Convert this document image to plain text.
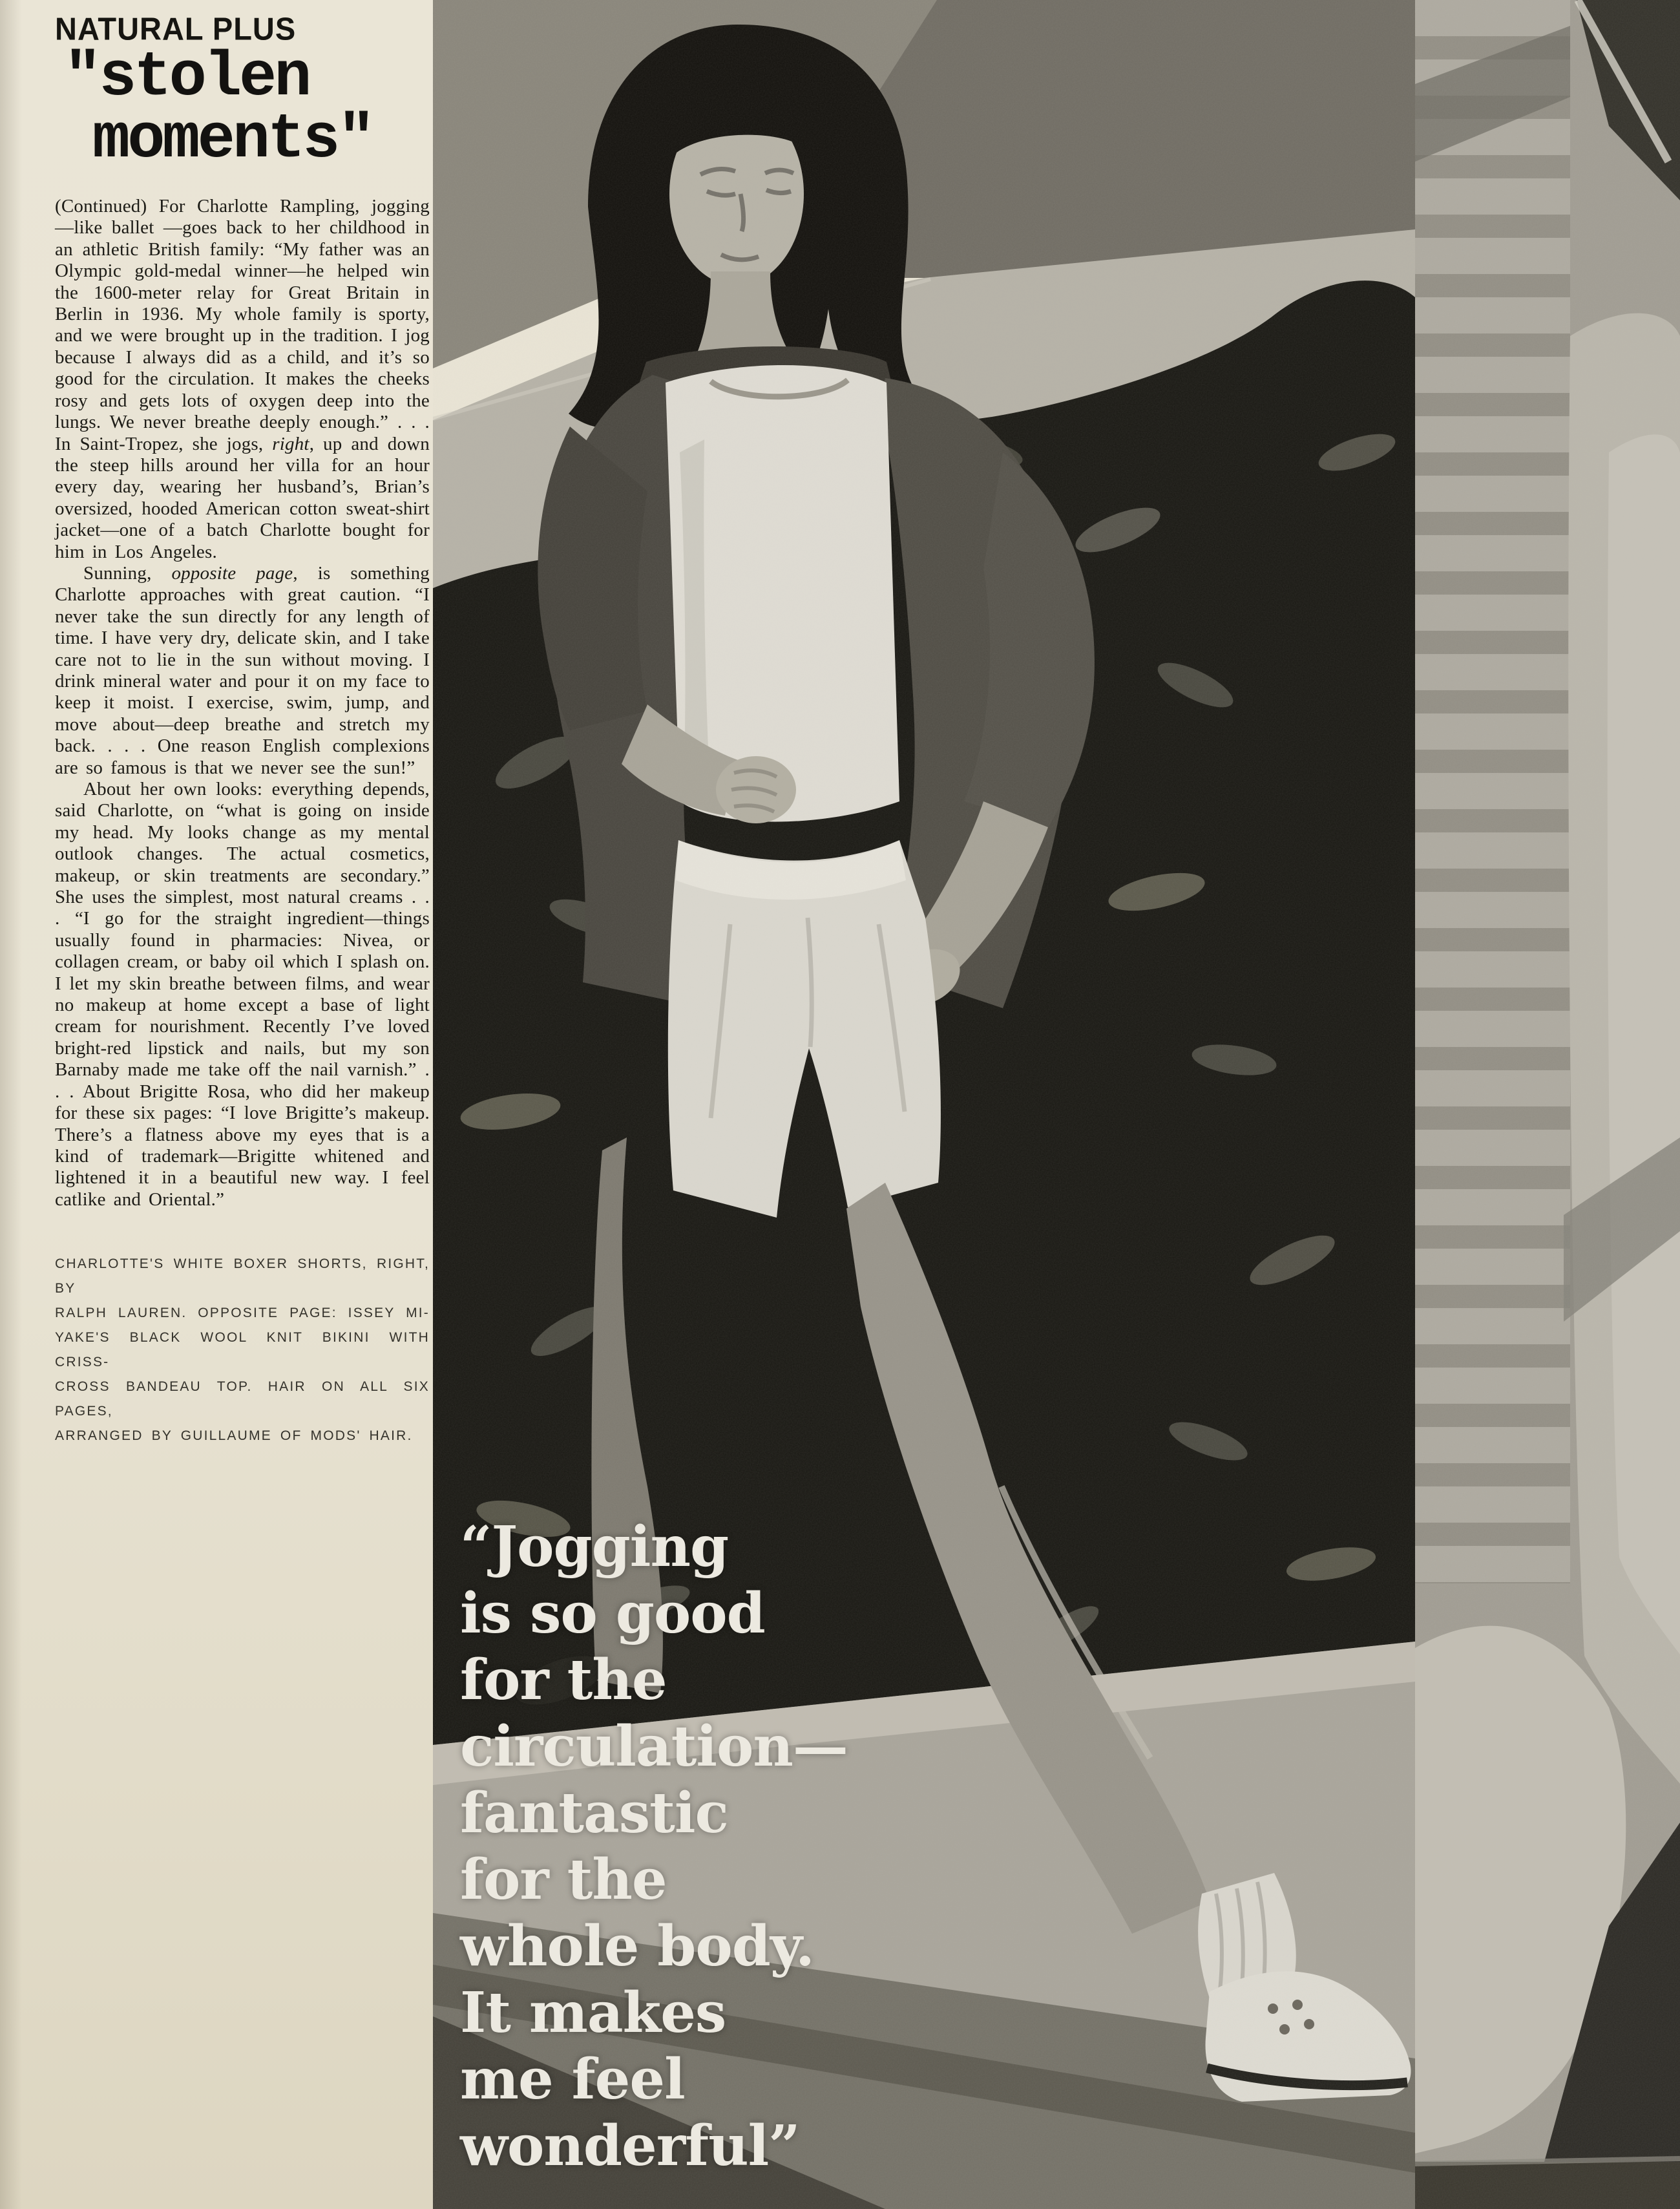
NATURAL PLUS
"stolen
moments"

(Continued) For Charlotte Rampling, jogging—like ballet —goes back to her childhood in an athletic British family: “My father was an Olympic gold-medal winner—he helped win the 1600-meter relay for Great Britain in Berlin in 1936. My whole family is sporty, and we were brought up in the tradition. I jog because I always did as a child, and it’s so good for the circulation. It makes the cheeks rosy and gets lots of oxygen deep into the lungs. We never breathe deeply enough.” . . . In Saint-Tropez, she jogs, right, up and down the steep hills around her villa for an hour every day, wearing her husband’s, Brian’s oversized, hooded American cotton sweat-shirt jacket—one of a batch Charlotte bought for him in Los Angeles.

Sunning, opposite page, is something Charlotte approaches with great caution. “I never take the sun directly for any length of time. I have very dry, delicate skin, and I take care not to lie in the sun without moving. I drink mineral water and pour it on my face to keep it moist. I exercise, swim, jump, and move about—deep breathe and stretch my back. . . . One reason English complexions are so famous is that we never see the sun!”

About her own looks: everything depends, said Charlotte, on “what is going on inside my head. My looks change as my mental outlook changes. The actual cosmetics, makeup, or skin treatments are secondary.” She uses the simplest, most natural creams . . . “I go for the straight ingredient—things usually found in pharmacies: Nivea, or collagen cream, or baby oil which I splash on. I let my skin breathe between films, and wear no makeup at home except a base of light cream for nourishment. Recently I’ve loved bright-red lipstick and nails, but my son Barnaby made me take off the nail varnish.” . . . About Brigitte Rosa, who did her makeup for these six pages: “I love Brigitte’s makeup. There’s a flatness above my eyes that is a kind of trademark—Brigitte whitened and lightened it in a beautiful new way. I feel catlike and Oriental.”

CHARLOTTE'S WHITE BOXER SHORTS, RIGHT, BY
RALPH LAUREN. OPPOSITE PAGE: ISSEY MI-
YAKE'S BLACK WOOL KNIT BIKINI WITH CRISS-
CROSS BANDEAU TOP. HAIR ON ALL SIX PAGES,
ARRANGED BY GUILLAUME OF MODS' HAIR.
“Jogging
is so good
for the
circulation—
fantastic
for the
whole body.
It makes
me feel
wonderful”
